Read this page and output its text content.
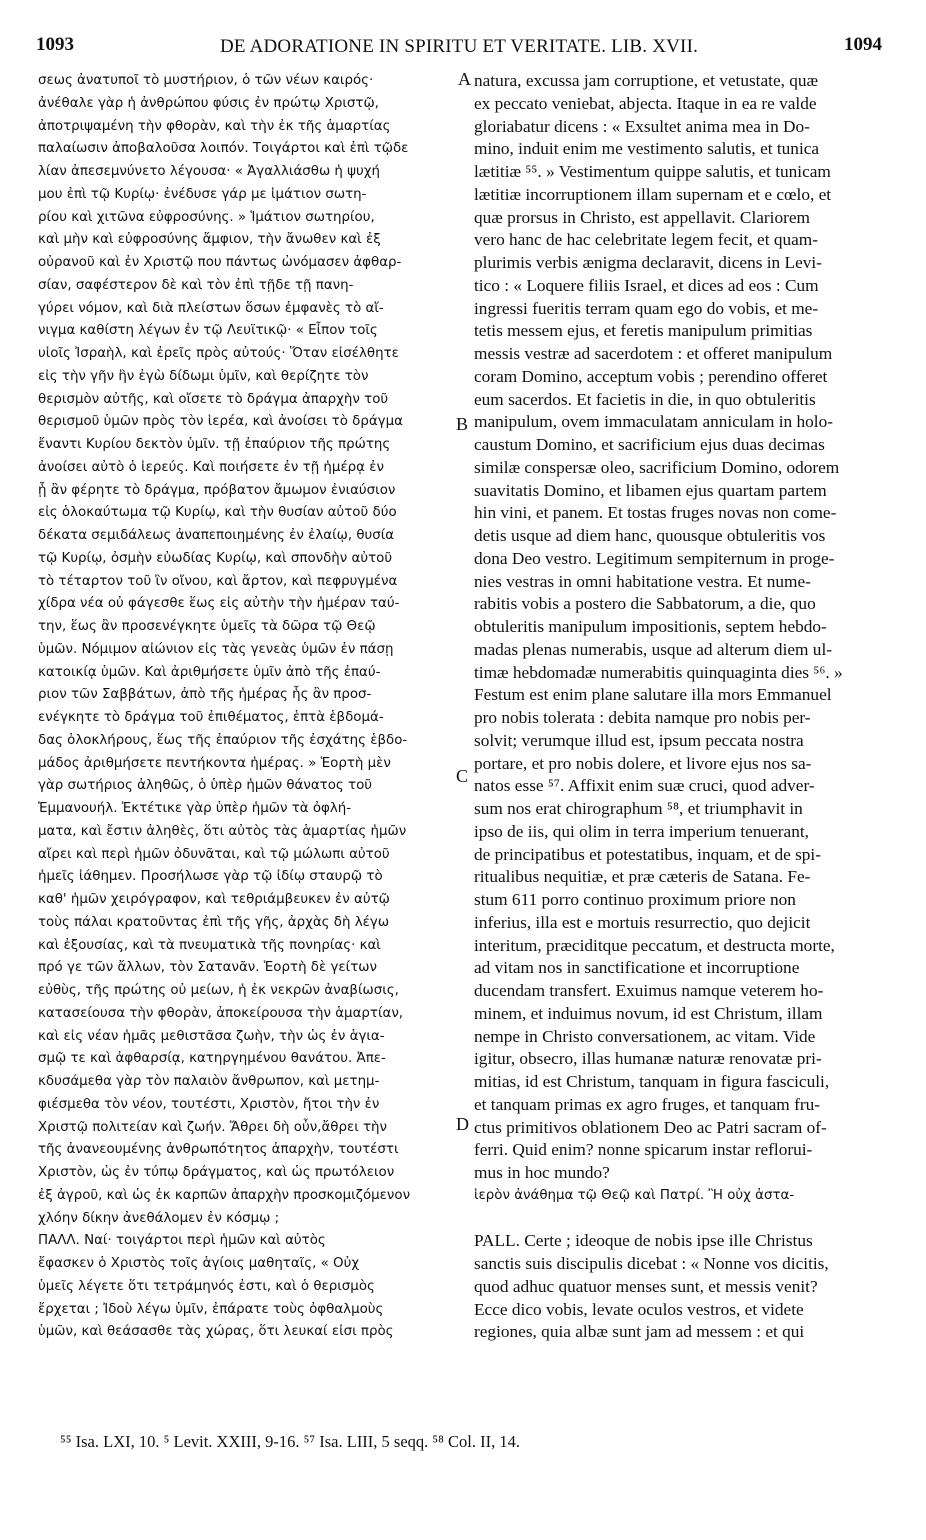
1093	DE ADORATIONE IN SPIRITU ET VERITATE. LIB. XVII.	1094
σεως ἀνατυποῖ τὸ μυστήριον, ὁ τῶν νέων καιρός·
ἀνέθαλε γὰρ ἡ ἀνθρώπου φύσις ἐν πρώτῳ Χριστῷ,
ἀποτριψαμένη τὴν φθορὰν, καὶ τὴν ἐκ τῆς ἁμαρτίας
παλαίωσιν ἀποβαλοῦσα λοιπόν. Τοιγάρτοι καὶ ἐπὶ τῷδε
λίαν ἀπεσεμνύνετο λέγουσα· « Ἀγαλλιάσθω ἡ ψυχή
μου ἐπὶ τῷ Κυρίῳ· ἐνέδυσε γάρ με ἱμάτιον σωτη-
ρίου καὶ χιτῶνα εὐφροσύνης. » Ἱμάτιον σωτηρίου,
καὶ μὴν καὶ εὐφροσύνης ἄμφιον, τὴν ἄνωθεν καὶ ἐξ
οὐρανοῦ καὶ ἐν Χριστῷ που πάντως ὠνόμασεν ἀφθαρ-
σίαν, σαφέστερον δὲ καὶ τὸν ἐπὶ τῇδε τῇ πανη-
γύρει νόμον, καὶ διὰ πλείστων ὅσων ἐμφανὲς τὸ αἴ-
νιγμα καθίστη λέγων ἐν τῷ Λευϊτικῷ· « Εἶπον τοῖς
υἱοῖς Ἰσραὴλ, καὶ ἐρεῖς πρὸς αὐτούς· Ὅταν εἰσέλθητε
εἰς τὴν γῆν ἣν ἐγὼ δίδωμι ὑμῖν, καὶ θερίζητε τὸν
θερισμὸν αὐτῆς, καὶ οἴσετε τὸ δράγμα ἀπαρχὴν τοῦ
θερισμοῦ ὑμῶν πρὸς τὸν ἱερέα, καὶ ἀνοίσει τὸ δράγμα
ἔναντι Κυρίου δεκτὸν ὑμῖν. τῇ ἐπαύριον τῆς πρώτης
ἀνοίσει αὐτὸ ὁ ἱερεύς. Καὶ ποιήσετε ἐν τῇ ἡμέρᾳ ἐν
ᾗ ἂν φέρητε τὸ δράγμα, πρόβατον ἄμωμον ἐνιαύσιον
εἰς ὁλοκαύτωμα τῷ Κυρίῳ, καὶ τὴν θυσίαν αὐτοῦ δύο
δέκατα σεμιδάλεως ἀναπεποιημένης ἐν ἐλαίῳ, θυσία
τῷ Κυρίῳ, ὀσμὴν εὐωδίας Κυρίῳ, καὶ σπονδὴν αὐτοῦ
τὸ τέταρτον τοῦ ἲν οἴνου, καὶ ἄρτον, καὶ πεφρυγμένα
χίδρα νέα οὐ φάγεσθε ἕως εἰς αὐτὴν τὴν ἡμέραν ταύ-
την, ἕως ἂν προσενέγκητε ὑμεῖς τὰ δῶρα τῷ Θεῷ
ὑμῶν. Νόμιμον αἰώνιον εἰς τὰς γενεὰς ὑμῶν ἐν πάσῃ
κατοικίᾳ ὑμῶν. Καὶ ἀριθμήσετε ὑμῖν ἀπὸ τῆς ἐπαύ-
ριον τῶν Σαββάτων, ἀπὸ τῆς ἡμέρας ἧς ἂν προσ-
ενέγκητε τὸ δράγμα τοῦ ἐπιθέματος, ἑπτὰ ἑβδομά-
δας ὁλοκλήρους, ἕως τῆς ἐπαύριον τῆς ἐσχάτης ἑβδο-
μάδος ἀριθμήσετε πεντήκοντα ἡμέρας. » Ἑορτὴ μὲν
γὰρ σωτήριος ἀληθῶς, ὁ ὑπὲρ ἡμῶν θάνατος τοῦ
Ἐμμανουήλ. Ἐκτέτικε γὰρ ὑπὲρ ἡμῶν τὰ ὀφλή-
ματα, καὶ ἔστιν ἀληθὲς, ὅτι αὐτὸς τὰς ἁμαρτίας ἡμῶν
αἴρει καὶ περὶ ἡμῶν ὀδυνᾶται, καὶ τῷ μώλωπι αὐτοῦ
ἡμεῖς ἰάθημεν. Προσήλωσε γὰρ τῷ ἰδίῳ σταυρῷ τὸ
καθ' ἡμῶν χειρόγραφον, καὶ τεθριάμβευκεν ἐν αὐτῷ
τοὺς πάλαι κρατοῦντας ἐπὶ τῆς γῆς, ἀρχὰς δὴ λέγω
καὶ ἐξουσίας, καὶ τὰ πνευματικὰ τῆς πονηρίας· καὶ
πρό γε τῶν ἄλλων, τὸν Σατανᾶν. Ἑορτὴ δὲ γείτων
εὐθὺς, τῆς πρώτης οὐ μείων, ἡ ἐκ νεκρῶν ἀναβίωσις,
κατασείουσα τὴν φθορὰν, ἀποκείρουσα τὴν ἁμαρτίαν,
καὶ εἰς νέαν ἡμᾶς μεθιστᾶσα ζωὴν, τὴν ὡς ἐν ἁγια-
σμῷ τε καὶ ἀφθαρσίᾳ, κατηργημένου θανάτου. Ἀπε-
κδυσάμεθα γὰρ τὸν παλαιὸν ἄνθρωπον, καὶ μετημ-
φιέσμεθα τὸν νέον, τουτέστι, Χριστὸν, ἤτοι τὴν ἐν
Χριστῷ πολιτείαν καὶ ζωήν. Ἄθρει δὴ οὖν,ἄθρει τὴν
τῆς ἀνανεουμένης ἀνθρωπότητος ἀπαρχὴν, τουτέστι
Χριστὸν, ὡς ἐν τύπῳ δράγματος, καὶ ὡς πρωτόλειον
ἐξ ἀγροῦ, καὶ ὡς ἐκ καρπῶν ἀπαρχὴν προσκομιζόμενον
χλόην δίκην ἀνεθάλομεν ἐν κόσμῳ ;
ΠΑΛΛ. Ναί· τοιγάρτοι περὶ ἡμῶν καὶ αὐτὸς
ἔφασκεν ὁ Χριστὸς τοῖς ἁγίοις μαθηταῖς, « Οὐχ
ὑμεῖς λέγετε ὅτι τετράμηνός ἐστι, καὶ ὁ θερισμὸς
ἔρχεται ; Ἰδοὺ λέγω ὑμῖν, ἐπάρατε τοὺς ὀφθαλμοὺς
ὑμῶν, καὶ θεάσασθε τὰς χώρας, ὅτι λευκαί εἰσι πρὸς
natura, excussa jam corruptione, et vetustate, quæ
ex peccato veniebat, abjecta. Itaque in ea re valde
gloriabatur dicens : « Exsultet anima mea in Do-
mino, induit enim me vestimento salutis, et tunica
lætitiæ ⁵⁵. » Vestimentum quippe salutis, et tunicam
lætitiæ incorruptionem illam supernam et e cœlo, et
quæ prorsus in Christo, est appellavit. Clariorem
vero hanc de hac celebritate legem fecit, et quam-
plurimis verbis ænigma declaravit, dicens in Levi-
tico : « Loquere filiis Israel, et dices ad eos : Cum
ingressi fueritis terram quam ego do vobis, et me-
tetis messem ejus, et feretis manipulum primitias
messis vestræ ad sacerdotem : et offeret manipulum
coram Domino, acceptum vobis ; perendino offeret
eum sacerdos. Et facietis in die, in quo obtuleritis
manipulum, ovem immaculatam anniculam in holo-
caustum Domino, et sacrificium ejus duas decimas
similæ conspersæ oleo, sacrificium Domino, odorem
suavitatis Domino, et libamen ejus quartam partem
hin vini, et panem. Et tostas fruges novas non come-
detis usque ad diem hanc, quousque obtuleritis vos
dona Deo vestro. Legitimum sempiternum in proge-
nies vestras in omni habitatione vestra. Et nume-
rabitis vobis a postero die Sabbatorum, a die, quo
obtuleritis manipulum impositionis, septem hebdo-
madas plenas numerabis, usque ad alterum diem ul-
timæ hebdomadæ numerabitis quinquaginta dies ⁵⁶. »
Festum est enim plane salutare illa mors Emmanuel
pro nobis tolerata : debita namque pro nobis per-
solvit; verumque illud est, ipsum peccata nostra
portare, et pro nobis dolere, et livore ejus nos sa-
natos esse ⁵⁷. Affixit enim suæ cruci, quod adver-
sum nos erat chirographum ⁵⁸, et triumphavit in
ipso de iis, qui olim in terra imperium tenuerant,
de principatibus et potestatibus, inquam, et de spi-
ritualibus nequitiæ, et præ cæteris de Satana. Fe-
stum 611 porro continuo proximum priore non
inferius, illa est e mortuis resurrectio, quo dejicit
interitum, præciditque peccatum, et destructa morte,
ad vitam nos in sanctificatione et incorruptione
ducendam transfert. Exuimus namque veterem ho-
minem, et induimus novum, id est Christum, illam
nempe in Christo conversationem, ac vitam. Vide
igitur, obsecro, illas humanæ naturæ renovatæ pri-
mitias, id est Christum, tanquam in figura fasciculi,
et tanquam primas ex agro fruges, et tanquam fru-
ctus primitivos oblationem Deo ac Patri sacram of-
ferri. Quid enim? nonne spicarum instar reflorui-
mus in hoc mundo?
ἱερὸν ἀνάθημα τῷ Θεῷ καὶ Πατρί. Ἢ οὐχ ἀστα-
PALL. Certe ; ideoque de nobis ipse ille Christus
sanctis suis discipulis dicebat : « Nonne vos dicitis,
quod adhuc quatuor menses sunt, et messis venit?
Ecce dico vobis, levate oculos vestros, et videte
regiones, quia albæ sunt jam ad messem : et qui
A
B
C
D
⁵⁵ Isa. LXI, 10. ⁵ Levit. XXIII, 9-16. ⁵⁷ Isa. LIII, 5 seqq. ⁵⁸ Col. II, 14.
